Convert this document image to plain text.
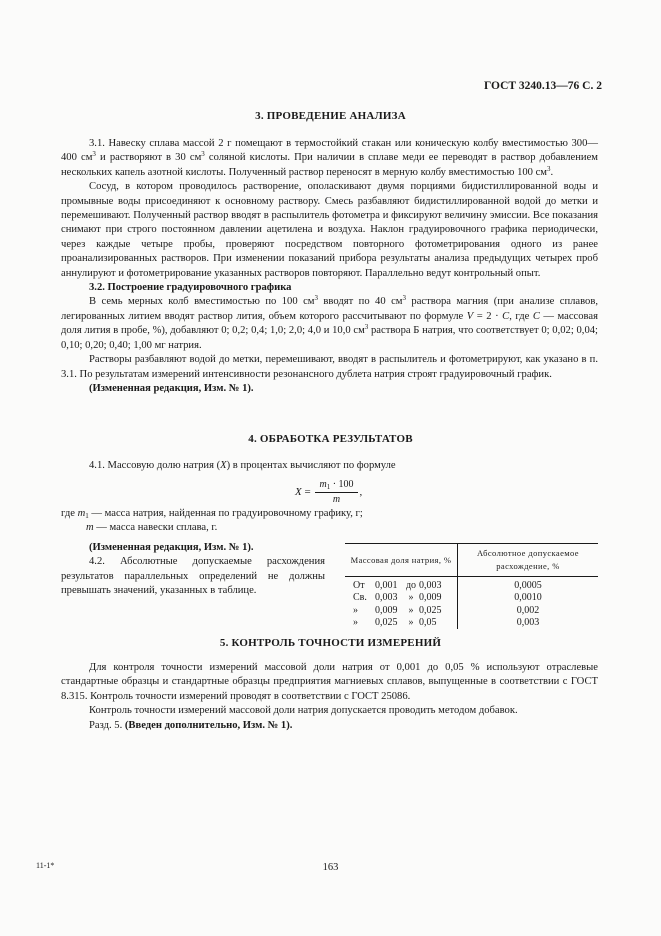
ГОСТ 3240.13—76 С. 2
3. ПРОВЕДЕНИЕ АНАЛИЗА

3.1. Навеску сплава массой 2 г помещают в термостойкий стакан или коническую колбу вместимостью 300—400 $см^3$ и растворяют в 30 $см^3$ соляной кислоты. При наличии в сплаве меди ее переводят в раствор добавлением нескольких капель азотной кислоты. Полученный раствор переносят в мерную колбу вместимостью 100 $см^3$.

Сосуд, в котором проводилось растворение, ополаскивают двумя порциями бидистиллированной воды и промывные воды присоединяют к основному раствору. Смесь разбавляют бидистиллированной водой до метки и перемешивают. Полученный раствор вводят в распылитель фотометра и фиксируют величину эмиссии. Все показания снимают при строго постоянном давлении ацетилена и воздуха. Наклон градуировочного графика периодически, через каждые четыре пробы, проверяют посредством повторного фотометрирования одного из ранее проанализированных растворов. При изменении показаний прибора результаты анализа предыдущих четырех проб аннулируют и фотометрирование указанных растворов повторяют. Параллельно ведут контрольный опыт.

3.2. Построение градуировочного графика

В семь мерных колб вместимостью по 100 $см^3$ вводят по 40 $см^3$ раствора магния (при анализе сплавов, легированных литием вводят раствор лития, объем которого рассчитывают по формуле V = 2 · C, где C — массовая доля лития в пробе, %), добавляют 0; 0,2; 0,4; 1,0; 2,0; 4,0 и 10,0 $см^3$ раствора Б натрия, что соответствует 0; 0,02; 0,04; 0,10; 0,20; 0,40; 1,00 мг натрия.

Растворы разбавляют водой до метки, перемешивают, вводят в распылитель и фотометрируют, как указано в п. 3.1. По результатам измерений интенсивности резонансного дублета натрия строят градуировочный график.

(Измененная редакция, Изм. № 1).

4. ОБРАБОТКА РЕЗУЛЬТАТОВ

4.1. Массовую долю натрия (X) в процентах вычисляют по формуле

$X = \frac{m_1 \cdot 100}{m}$ ,
где $m_1$ — масса натрия, найденная по градуировочному графику, г;
m — масса навески сплава, г.

(Измененная редакция, Изм. № 1).

4.2. Абсолютные допускаемые расхождения результатов параллельных определений не должны превышать значений, указанных в таблице.

Массовая доля натрия, %	Абсолютное допускаемое расхождение, %
От 0,001 до 0,003	0,0005
Св. 0,003 » 0,009	0,0010
» 0,009 » 0,025	0,002
» 0,025 » 0,05	0,003
5. КОНТРОЛЬ ТОЧНОСТИ ИЗМЕРЕНИЙ

Для контроля точности измерений массовой доли натрия от 0,001 до 0,05 % используют отраслевые стандартные образцы и стандартные образцы предприятия магниевых сплавов, выпущенные в соответствии с ГОСТ 8.315. Контроль точности измерений проводят в соответствии с ГОСТ 25086.

Контроль точности измерений массовой доли натрия допускается проводить методом добавок.

Разд. 5. (Введен дополнительно, Изм. № 1).

11-1*	163
